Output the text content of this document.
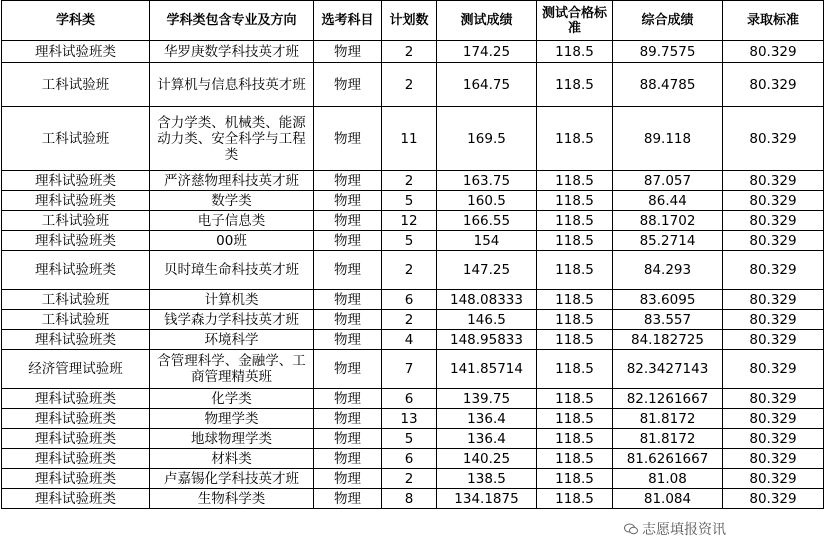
学科类	学科类包含专业及方向	选考科目	计划数	测试成绩	测试合格标准	综合成绩	录取标准
理科试验班类	华罗庚数学科技英才班	物理	2	174.25	118.5	89.7575	80.329
工科试验班	计算机与信息科技英才班	物理	2	164.75	118.5	88.4785	80.329
工科试验班	含力学类、机械类、能源动力类、安全科学与工程类	物理	11	169.5	118.5	89.118	80.329
理科试验班类	严济慈物理科技英才班	物理	2	163.75	118.5	87.057	80.329
理科试验班类	数学类	物理	5	160.5	118.5	86.44	80.329
工科试验班	电子信息类	物理	12	166.55	118.5	88.1702	80.329
理科试验班类	00班	物理	5	154	118.5	85.2714	80.329
理科试验班类	贝时璋生命科技英才班	物理	2	147.25	118.5	84.293	80.329
工科试验班	计算机类	物理	6	148.08333	118.5	83.6095	80.329
工科试验班	钱学森力学科技英才班	物理	2	146.5	118.5	83.557	80.329
理科试验班类	环境科学	物理	4	148.95833	118.5	84.182725	80.329
经济管理试验班	含管理科学、金融学、工商管理精英班	物理	7	141.85714	118.5	82.3427143	80.329
理科试验班类	化学类	物理	6	139.75	118.5	82.1261667	80.329
理科试验班类	物理学类	物理	13	136.4	118.5	81.8172	80.329
理科试验班类	地球物理学类	物理	5	136.4	118.5	81.8172	80.329
理科试验班类	材料类	物理	6	140.25	118.5	81.6261667	80.329
理科试验班类	卢嘉锡化学科技英才班	物理	2	138.5	118.5	81.08	80.329
理科试验班类	生物科学类	物理	8	134.1875	118.5	81.084	80.329
志愿填报资讯
